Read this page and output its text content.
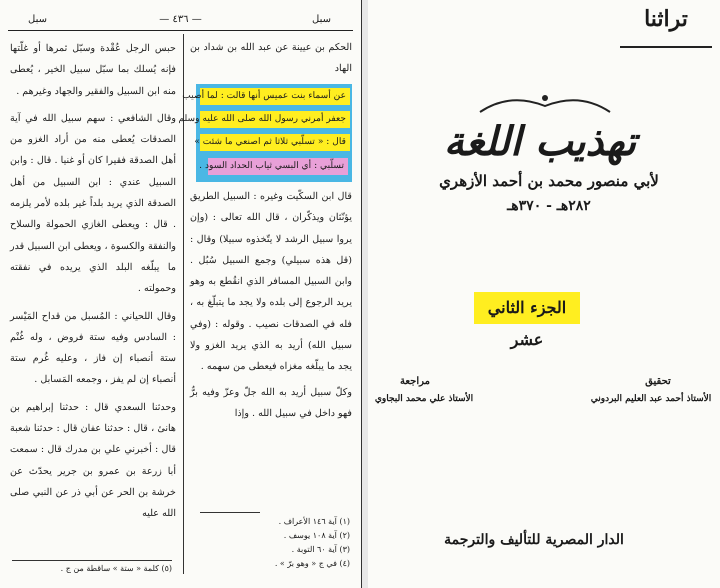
سبل
— ٤٣٦ —
سبل

الحكم بن عيينة عن عبد الله بن شداد بن الهاد

عن أسماء بنت عميس أنها قالت : لما أصيب
جعفر أمرني رسول الله صلى الله عليه وسلم
قال : « تسلّبي ثلاثا ثم اصنعي ما شئت »
تسلّبي : أي البسي ثياب الحداد السود .

قال ابن السكّيت وغيره : السبيل الطريق يؤنّثان ويذكّران ، قال الله تعالى : (وإن يروا سبيل الرشد لا يتّخذوه سبيلا) وقال : (قل هذه سبيلي) وجمع السبيل سُبُل . وابن السبيل المسافر الذي انقُطع به وهو يريد الرجوع إلى بلده ولا يجد ما يتبلّغ به ، فله في الصدقات نصيب . وقوله : (وفي سبيل الله) أريد به الذي يريد الغزو ولا يجد ما يبلّغه مغزاه فيعطى من سهمه .

وكلّ سبيل أريد به الله جلّ وعزّ وفيه برٌّ فهو داخل في سبيل الله . وإذا

(١) آية ١٤٦ الأعراف .
(٢) آية ١٠٨ يوسف .
(٣) آية ٦٠ التوبة .
(٤) في ج « وهو برّ » .

حبس الرجل عُقْدة وسبّل ثمرها أو غلّتها فإنه يُسلك بما سبّل سبيل الخير ، يُعطى منه ابن السبيل والفقير والجهاد وغيرهم .

وقال الشافعي : سهم سبيل الله في آية الصدقات يُعطى منه من أراد الغزو من أهل الصدقة فقيرا كان أو غنيا . قال : وابن السبيل عندي : ابن السبيل من أهل الصدقة الذي يريد بلداً غير بلده لأمر يلزمه . قال : ويعطى الغازي الحمولة والسلاح والنفقة والكسوة ، ويعطى ابن السبيل قدر ما يبلّغه البلد الذي يريده في نفقته وحمولته .

وقال اللحياني : المُسبل من قداح المَيْسر : السادس وفيه ستة فروض ، وله غُنْم ستة أنصباء إن فاز ، وعليه غُرم ستة أنصباء إن لم يفز ، وجمعه المَسابل .

وحدثنا السعدي قال : حدثنا إبراهيم بن هانئ ، قال : حدثنا عفان قال : حدثنا شعبة قال : أخبرني علي بن مدرك قال : سمعت أبا زرعة بن عمرو بن جرير يحدّث عن خرشة بن الحر عن أبي ذر عن النبي صلى الله عليه

(٥) كلمة « ستة » ساقطة من ج .
تراثنا
تهذيب اللغة
لأبي منصور محمد بن أحمد الأزهري
٢٨٢هـ - ٣٧٠هـ
الجزء الثاني عشر
تحقيق
الأستاذ أحمد عبد العليم البردوني
مراجعة
الأستاذ علي محمد البجاوي
الدار المصرية للتأليف والترجمة
